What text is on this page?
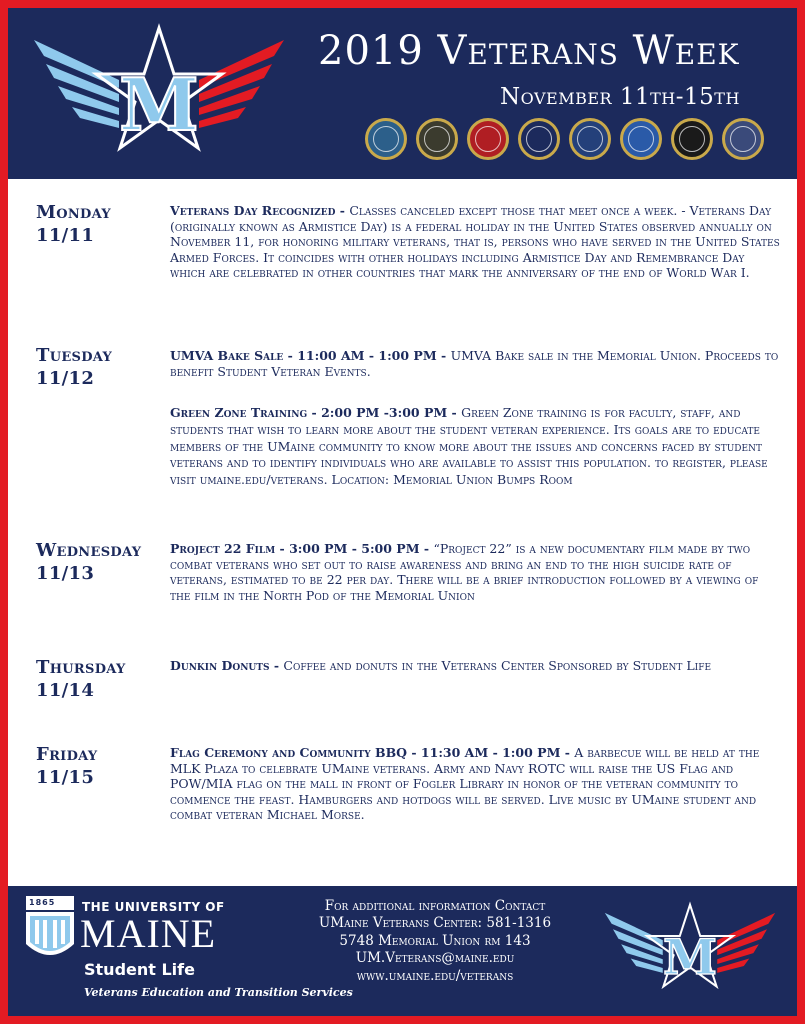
M
2019 Veterans Week
November 11th-15th
Monday
11/11
Veterans Day Recognized - Classes canceled except those that meet once a week. - Veterans Day (originally known as Armistice Day) is a federal holiday in the United States observed annually on November 11, for honoring military veterans, that is, persons who have served in the United States Armed Forces. It coincides with other holidays including Armistice Day and Remembrance Day which are celebrated in other countries that mark the anniversary of the end of World War I.
Tuesday
11/12
UMVA Bake Sale - 11:00 AM - 1:00 PM - UMVA Bake sale in the Memorial Union. Proceeds to benefit Student Veteran Events.
Green Zone Training - 2:00 PM -3:00 PM - Green Zone training is for faculty, staff, and students that wish to learn more about the student veteran experience. Its goals are to educate members of the UMaine community to know more about the issues and concerns faced by student veterans and to identify individuals who are available to assist this population. to register, please visit umaine.edu/veterans. Location: Memorial Union Bumps Room
Wednesday
11/13
Project 22 Film - 3:00 PM - 5:00 PM - “Project 22” is a new documentary film made by two combat veterans who set out to raise awareness and bring an end to the high suicide rate of veterans, estimated to be 22 per day. There will be a brief introduction followed by a viewing of the film in the North Pod of the Memorial Union
Thursday
11/14
Dunkin Donuts - Coffee and donuts in the Veterans Center Sponsored by Student Life
Friday
11/15
Flag Ceremony and Community BBQ - 11:30 AM - 1:00 PM - A barbecue will be held at the MLK Plaza to celebrate UMaine veterans. Army and Navy ROTC will raise the US Flag and POW/MIA flag on the mall in front of Fogler Library in honor of the veteran community to commence the feast. Hamburgers and hotdogs will be served. Live music by UMaine student and combat veteran Michael Morse.
1865 THE UNIVERSITY OF
MAINE
Student Life
Veterans Education and Transition Services
For additional information Contact
UMaine Veterans Center: 581-1316
5748 Memorial Union rm 143
UM.Veterans@maine.edu
www.umaine.edu/veterans	M
